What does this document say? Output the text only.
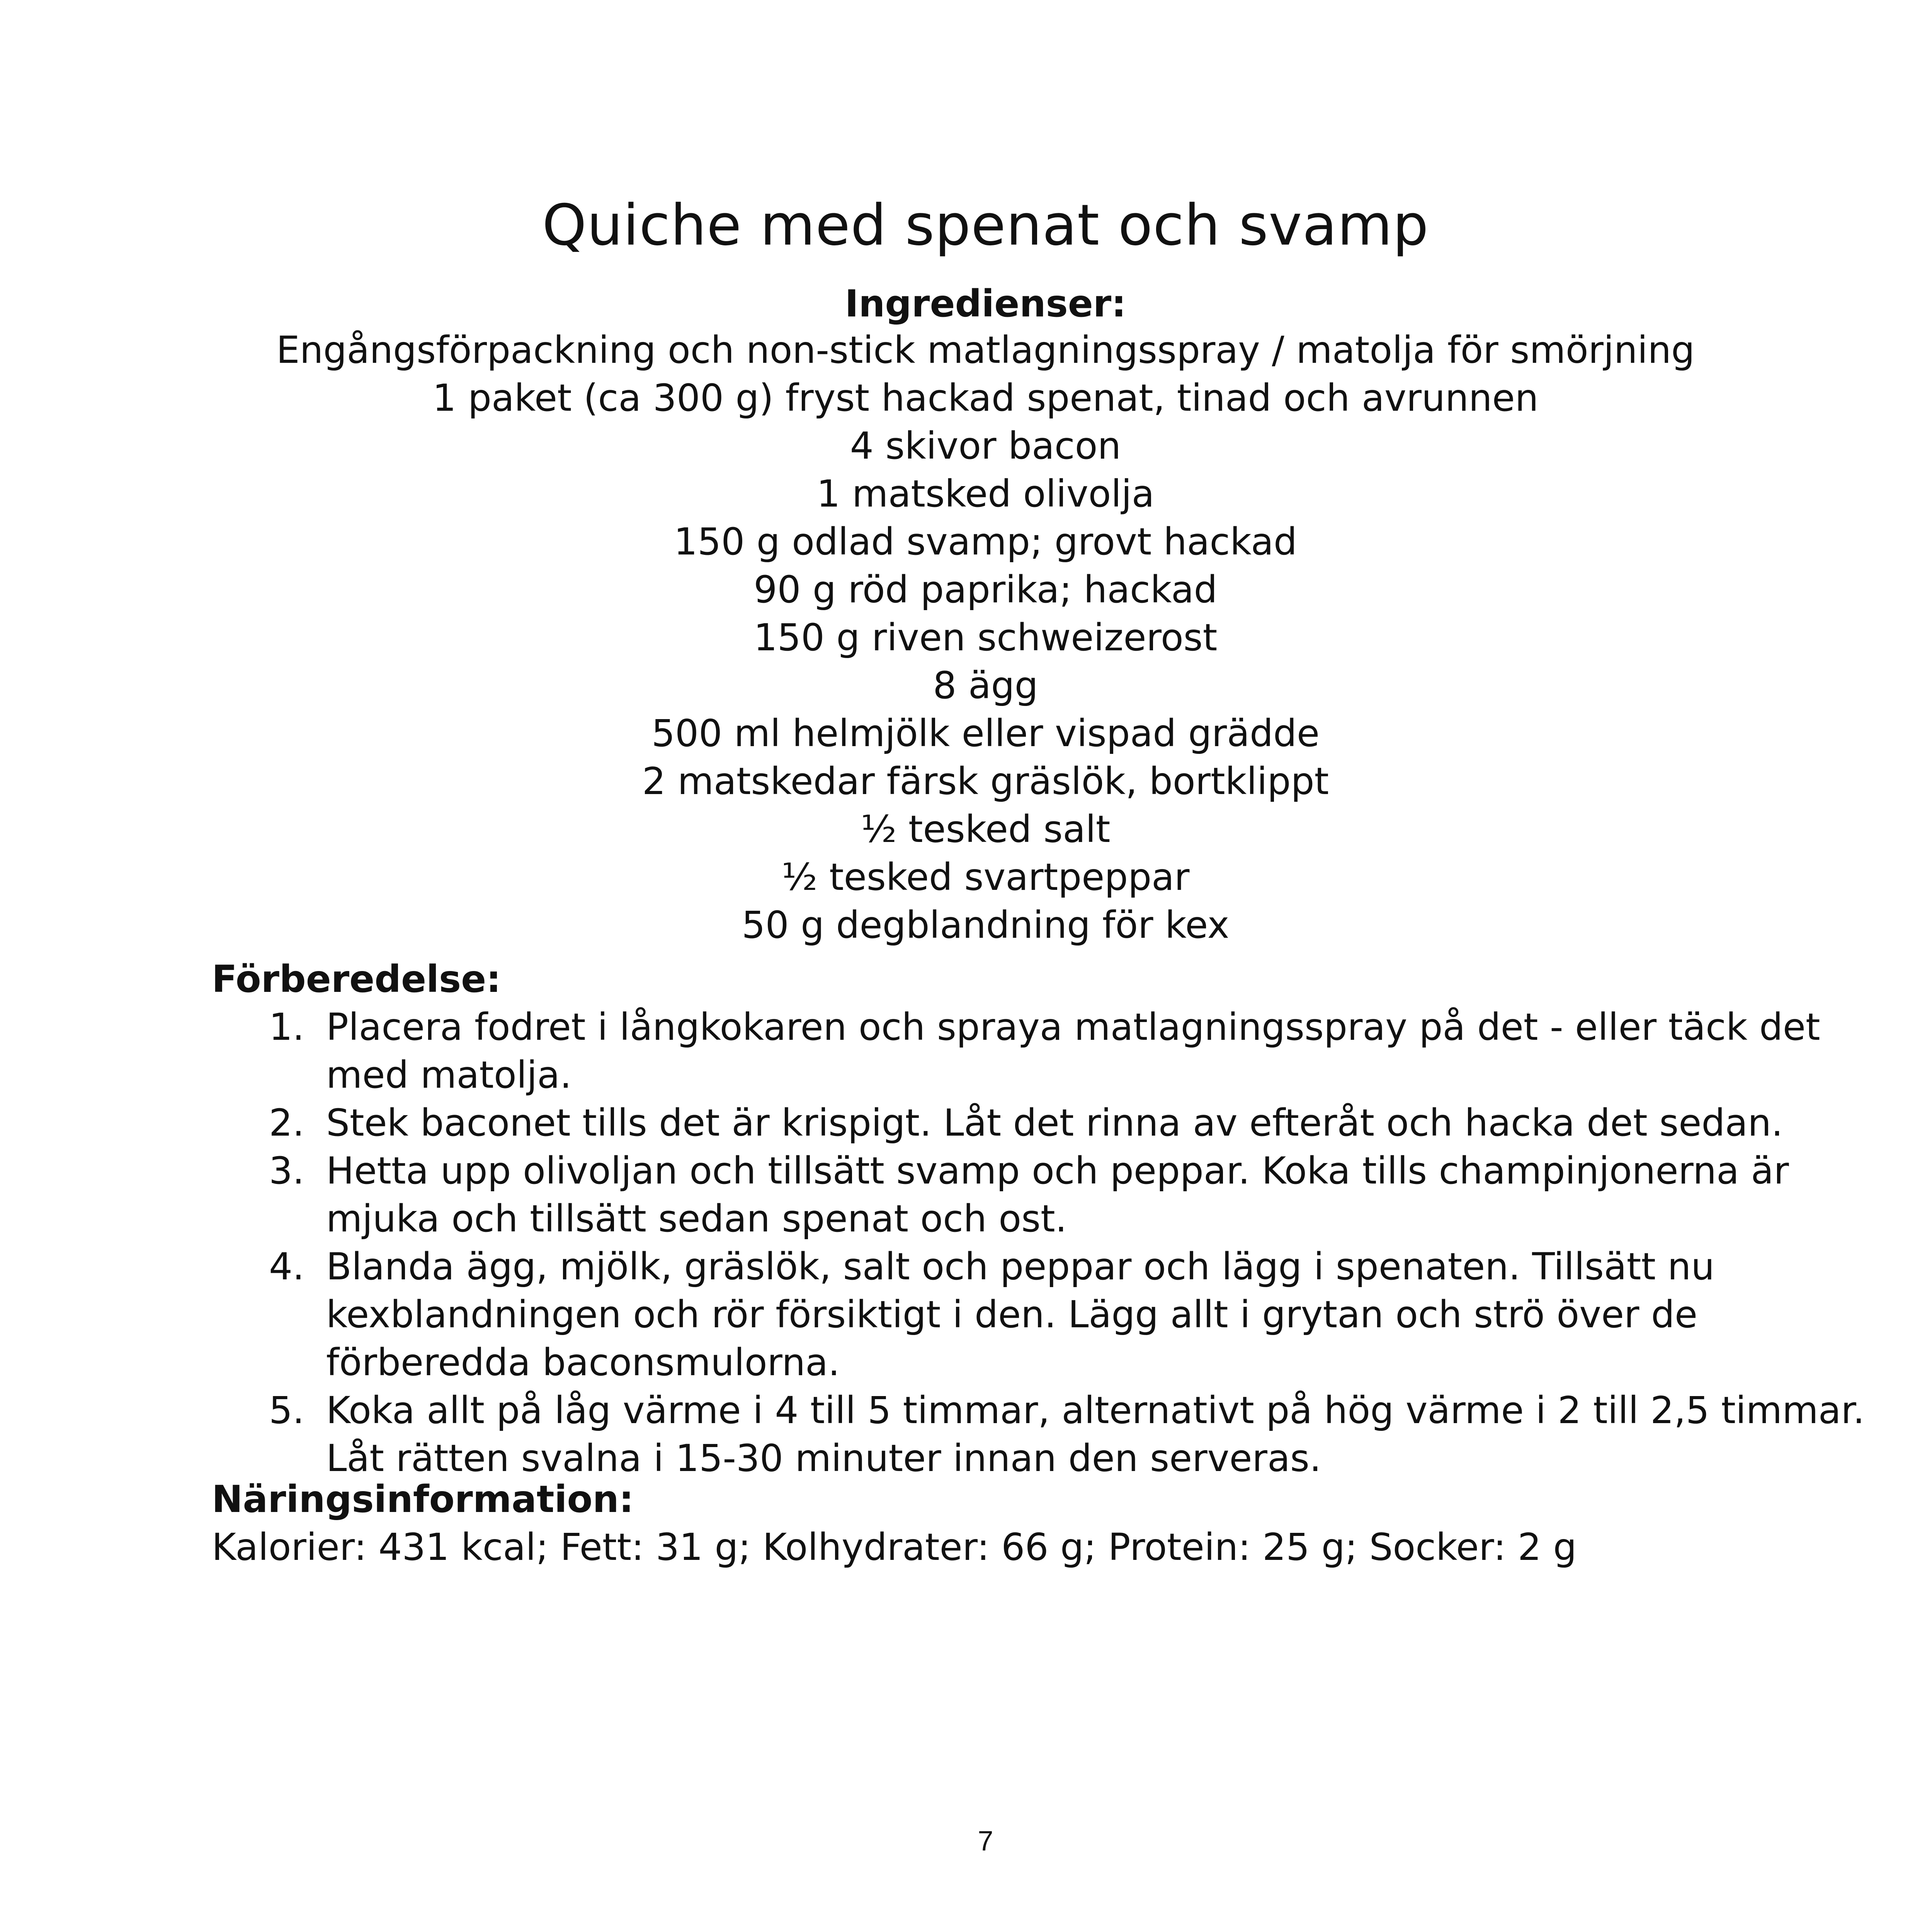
Quiche med spenat och svamp
Ingredienser:
Engångsförpackning och non-stick matlagningsspray / matolja för smörjning
1 paket (ca 300 g) fryst hackad spenat, tinad och avrunnen
4 skivor bacon
1 matsked olivolja
150 g odlad svamp; grovt hackad
90 g röd paprika; hackad
150 g riven schweizerost
8 ägg
500 ml helmjölk eller vispad grädde
2 matskedar färsk gräslök, bortklippt
½ tesked salt
½ tesked svartpeppar
50 g degblandning för kex
Förberedelse:
1. Placera fodret i långkokaren och spraya matlagningsspray på det - eller täck det med matolja.
2. Stek baconet tills det är krispigt. Låt det rinna av efteråt och hacka det sedan.
3. Hetta upp olivoljan och tillsätt svamp och peppar. Koka tills champinjonerna är mjuka och tillsätt sedan spenat och ost.
4. Blanda ägg, mjölk, gräslök, salt och peppar och lägg i spenaten. Tillsätt nu kexblandningen och rör försiktigt i den. Lägg allt i grytan och strö över de förberedda baconsmulorna.
5. Koka allt på låg värme i 4 till 5 timmar, alternativt på hög värme i 2 till 2,5 timmar. Låt rätten svalna i 15-30 minuter innan den serveras.
Näringsinformation:

Kalorier: 431 kcal; Fett: 31 g; Kolhydrater: 66 g; Protein: 25 g; Socker: 2 g

7
